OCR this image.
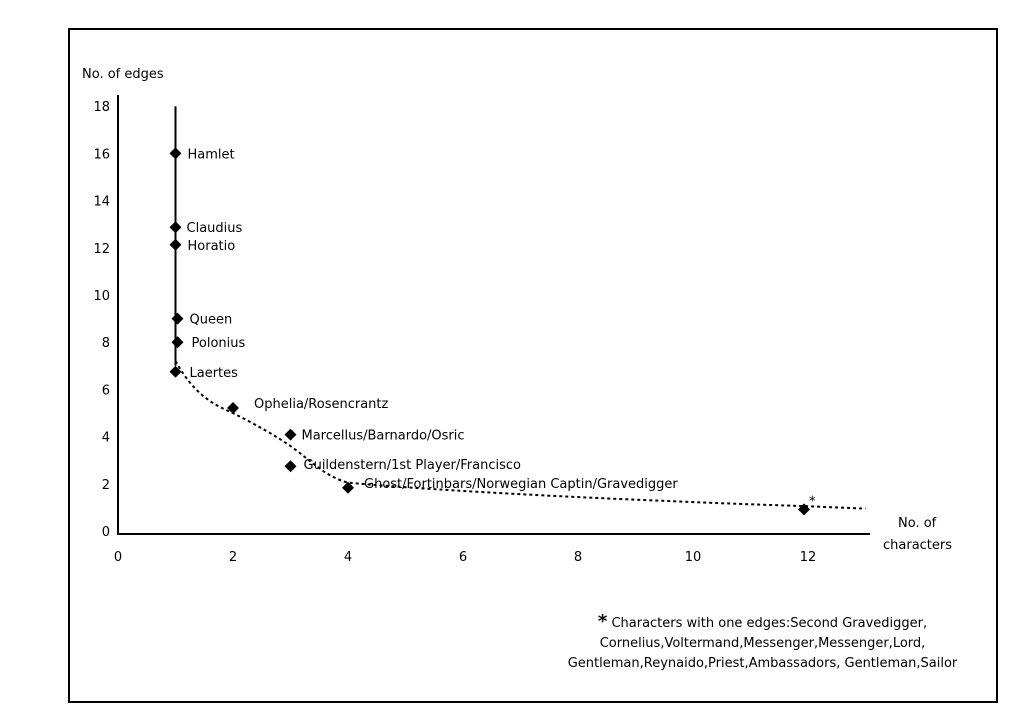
No. of edges
No. of
characters
0
2
4
6
8
10
12
14
16
18
0	2	4	6	8	10	12
Hamlet
Claudius
Horatio
Queen
Polonius
Laertes
Ophelia/Rosencrantz
Marcellus/Barnardo/Osric
Guildenstern/1st Player/Francisco
Ghost/Fortinbars/Norwegian Captin/Gravedigger
*
* Characters with one edges:Second Gravedigger, Cornelius,Voltermand,Messenger,Messenger,Lord, Gentleman,Reynaido,Priest,Ambassadors, Gentleman,Sailor
